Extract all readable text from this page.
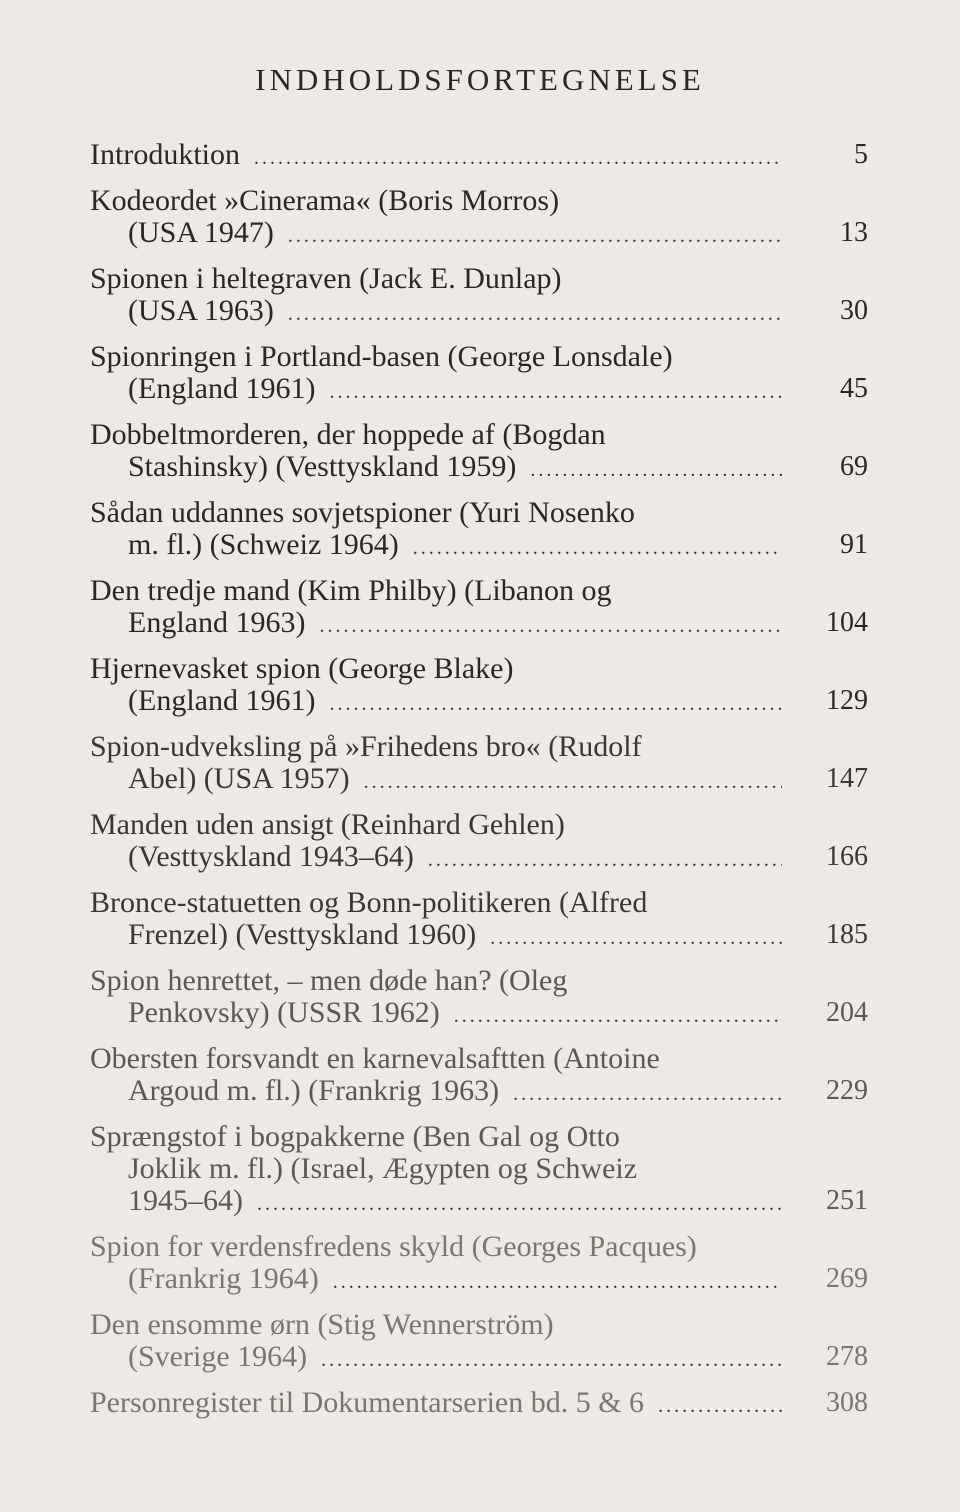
INDHOLDSFORTEGNELSE
Introduktion .....	5
Kodeordet »Cinerama« (Boris Morros)
(USA 1947) .....	13
Spionen i heltegraven (Jack E. Dunlap)
(USA 1963) .....	30
Spionringen i Portland-basen (George Lonsdale)
(England 1961) .....	45
Dobbeltmorderen, der hoppede af (Bogdan
Stashinsky) (Vesttyskland 1959) .....	69
Sådan uddannes sovjetspioner (Yuri Nosenko
m. fl.) (Schweiz 1964) .....	91
Den tredje mand (Kim Philby) (Libanon og
England 1963) .....	104
Hjernevasket spion (George Blake)
(England 1961) .....	129
Spion-udveksling på »Frihedens bro« (Rudolf
Abel) (USA 1957) .....	147
Manden uden ansigt (Reinhard Gehlen)
(Vesttyskland 1943–64) .....	166
Bronce-statuetten og Bonn-politikeren (Alfred
Frenzel) (Vesttyskland 1960) .....	185
Spion henrettet, – men døde han? (Oleg
Penkovsky) (USSR 1962) .....	204
Obersten forsvandt en karnevalsaftten (Antoine
Argoud m. fl.) (Frankrig 1963) .....	229
Sprængstof i bogpakkerne (Ben Gal og Otto
Joklik m. fl.) (Israel, Ægypten og Schweiz
1945–64) .....	251
Spion for verdensfredens skyld (Georges Pacques)
(Frankrig 1964) .....	269
Den ensomme ørn (Stig Wennerström)
(Sverige 1964) .....	278
Personregister til Dokumentarserien bd. 5 & 6 .....	308
